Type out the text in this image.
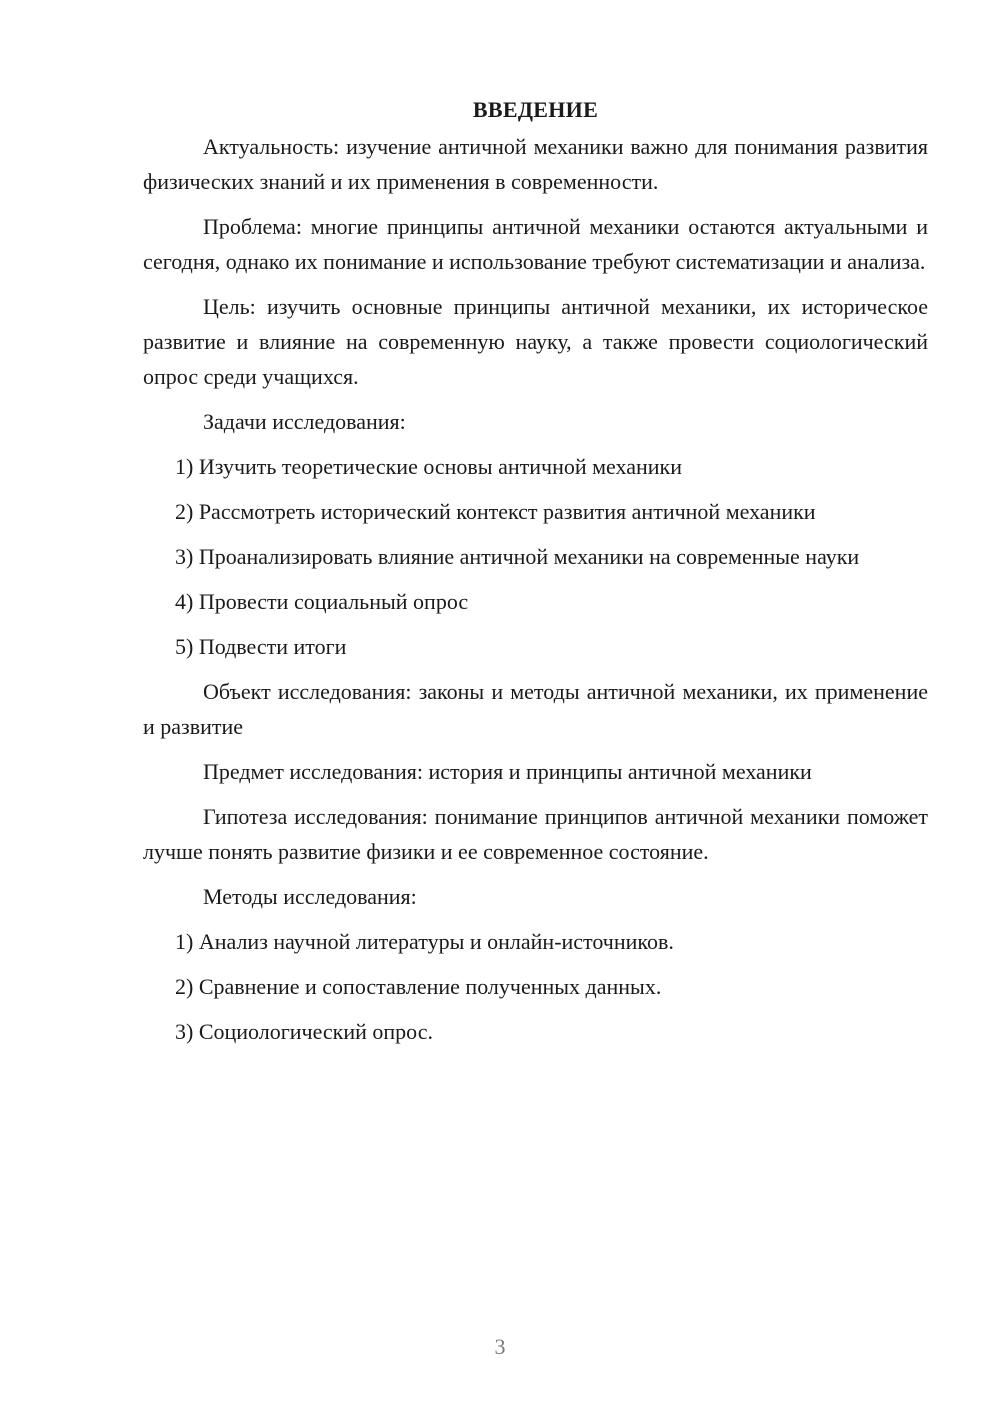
ВВЕДЕНИЕ

Актуальность: изучение античной механики важно для понимания развития физических знаний и их применения в современности.

Проблема: многие принципы античной механики остаются актуальными и сегодня, однако их понимание и использование требуют систематизации и анализа.

Цель: изучить основные принципы античной механики, их историческое развитие и влияние на современную науку, а также провести социологический опрос среди учащихся.

Задачи исследования:

1) Изучить теоретические основы античной механики

2) Рассмотреть исторический контекст развития античной механики

3) Проанализировать влияние античной механики на современные науки

4) Провести социальный опрос

5) Подвести итоги

Объект исследования: законы и методы античной механики, их применение и развитие

Предмет исследования: история и принципы античной механики

Гипотеза исследования: понимание принципов античной механики поможет лучше понять развитие физики и ее современное состояние.

Методы исследования:

1) Анализ научной литературы и онлайн-источников.

2) Сравнение и сопоставление полученных данных.

3) Социологический опрос.

3
